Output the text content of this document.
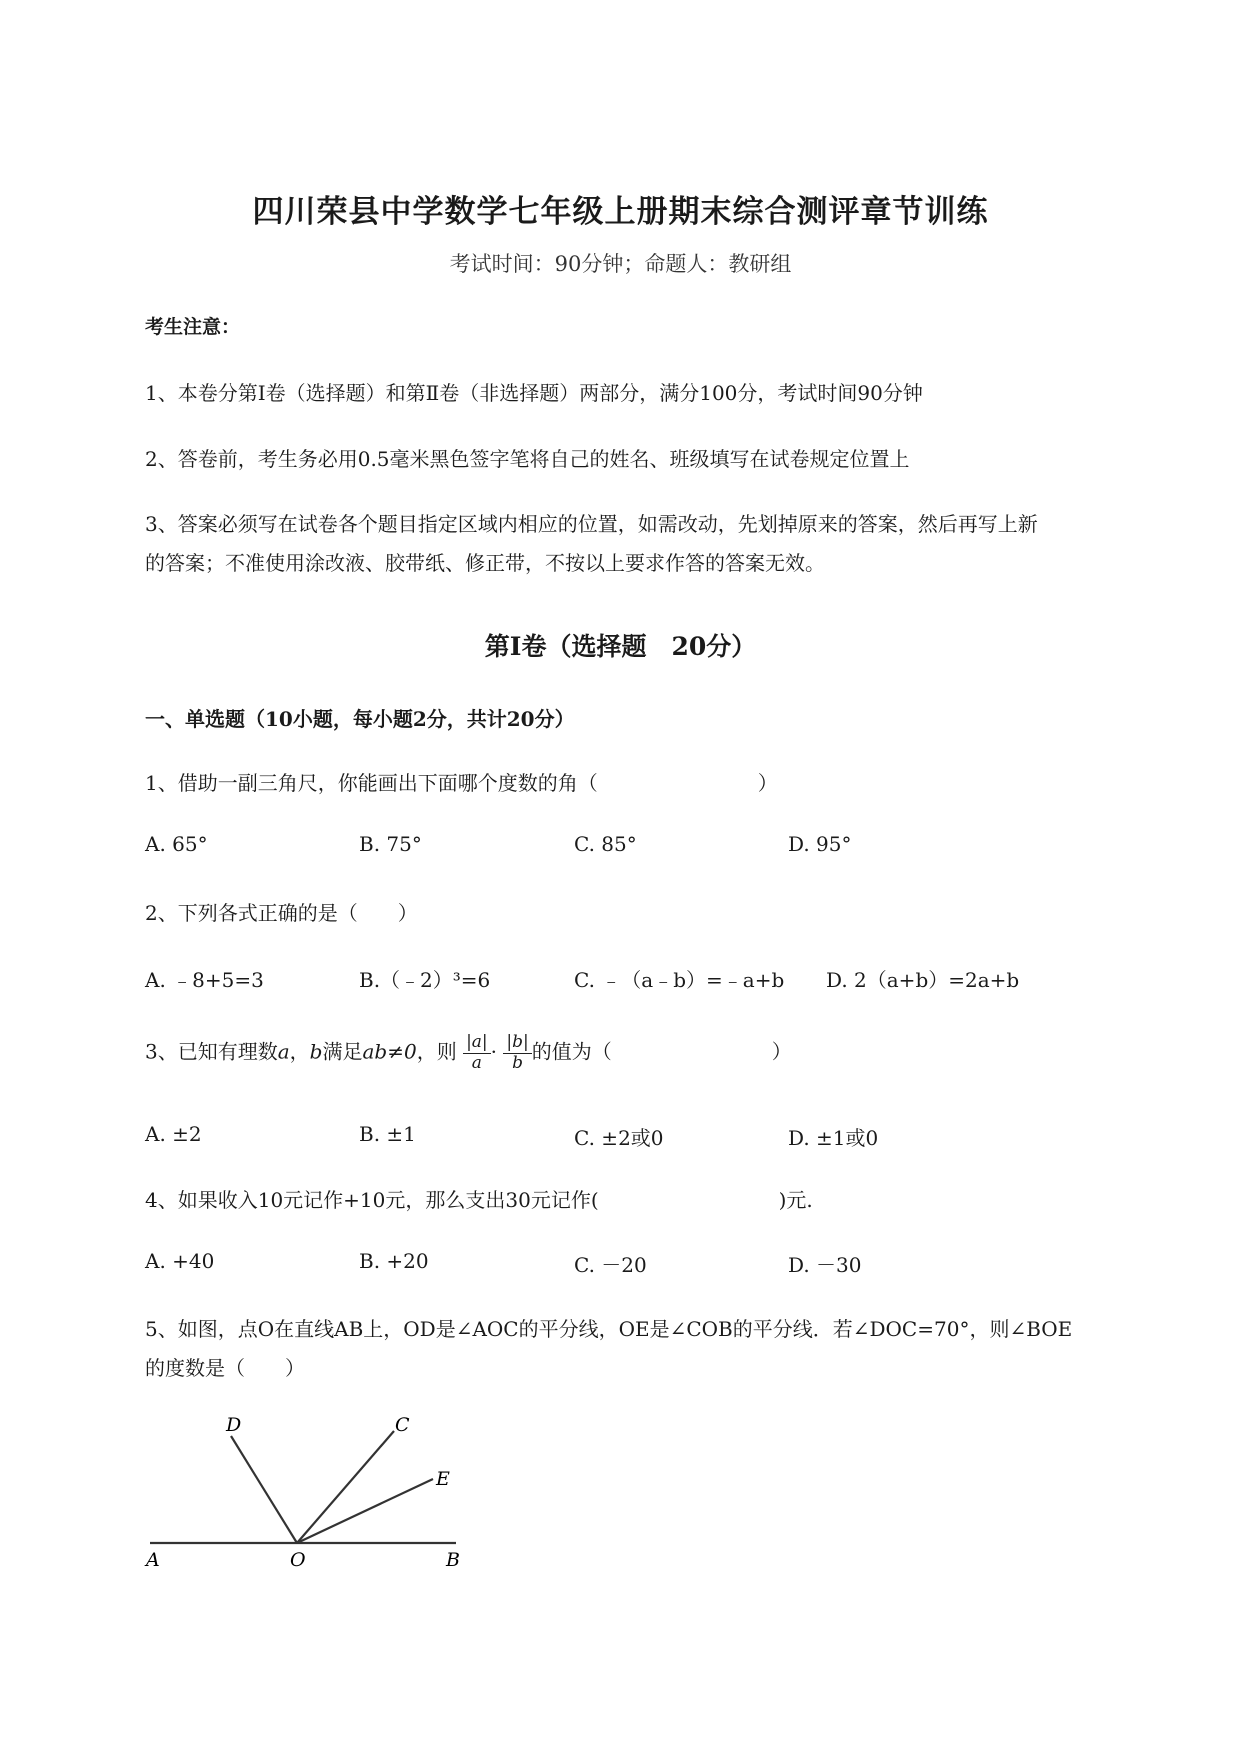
四川荣县中学数学七年级上册期末综合测评章节训练
考试时间：90分钟；命题人：教研组
考生注意：
1、本卷分第I卷（选择题）和第Ⅱ卷（非选择题）两部分，满分100分，考试时间90分钟
2、答卷前，考生务必用0.5毫米黑色签字笔将自己的姓名、班级填写在试卷规定位置上
3、答案必须写在试卷各个题目指定区域内相应的位置，如需改动，先划掉原来的答案，然后再写上新
的答案；不准使用涂改液、胶带纸、修正带，不按以上要求作答的答案无效。
第I卷（选择题　20分）
一、单选题（10小题，每小题2分，共计20分）
1、借助一副三角尺，你能画出下面哪个度数的角（　　　　　　　　）
A. 65°	B. 75°	C. 85°	D. 95°
2、下列各式正确的是（　　）
A. ﹣8+5=3	B.（﹣2）³=6	C. ﹣（a﹣b）=﹣a+b D. 2（a+b）=2a+b
3、已知有理数a，b满足ab≠0，则 $\frac{|a|}{a} \cdot \frac{|b|}{b}$ 的值为（　　　　　　　　）
A. ±2	B. ±1	C. ±2或0	D. ±1或0
4、如果收入10元记作+10元，那么支出30元记作(　　　　　　　　　)元.
A. +40	B. +20	C. －20	D. －30
5、如图，点O在直线AB上，OD是∠AOC的平分线，OE是∠COB的平分线．若∠DOC=70°，则∠BOE
的度数是（　　）
D	C
E
A	O	B
